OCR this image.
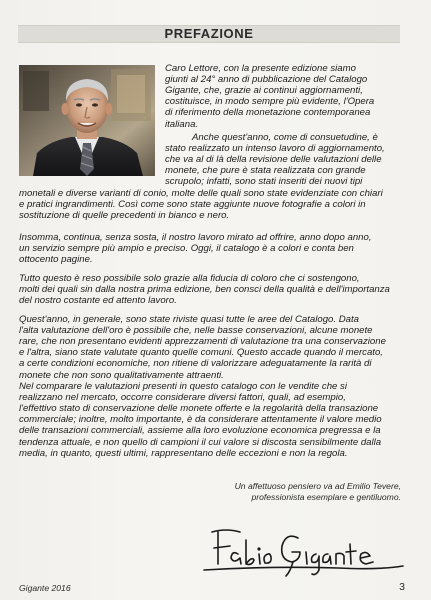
PREFAZIONE
Caro Lettore, con la presente edizione siamo
giunti al 24° anno di pubblicazione del Catalogo
Gigante, che, grazie ai continui aggiornamenti,
costituisce, in modo sempre più evidente, l'Opera
di riferimento della monetazione contemporanea
italiana.
Anche quest'anno, come di consuetudine, è
stato realizzato un intenso lavoro di aggiornamento,
che va al di là della revisione delle valutazioni delle
monete, che pure è stata realizzata con grande
scrupolo; infatti, sono stati inseriti dei nuovi tipi
monetali e diverse varianti di conio, molte delle quali sono state evidenziate con chiari
e pratici ingrandimenti. Così come sono state aggiunte nuove fotografie a colori in
sostituzione di quelle precedenti in bianco e nero.
Insomma, continua, senza sosta, il nostro lavoro mirato ad offrire, anno dopo anno,
un servizio sempre più ampio e preciso. Oggi, il catalogo è a colori e conta ben
ottocento pagine.
Tutto questo è reso possibile solo grazie alla fiducia di coloro che ci sostengono,
molti dei quali sin dalla nostra prima edizione, ben consci della qualità e dell'importanza
del nostro costante ed attento lavoro.
Quest'anno, in generale, sono state riviste quasi tutte le aree del Catalogo. Data
l'alta valutazione dell'oro è possibile che, nelle basse conservazioni, alcune monete
rare, che non presentano evidenti apprezzamenti di valutazione tra una conservazione
e l'altra, siano state valutate quanto quelle comuni. Questo accade quando il mercato,
a certe condizioni economiche, non ritiene di valorizzare adeguatamente la rarità di
monete che non sono qualitativamente attraenti.
Nel comparare le valutazioni presenti in questo catalogo con le vendite che si
realizzano nel mercato, occorre considerare diversi fattori, quali, ad esempio,
l'effettivo stato di conservazione delle monete offerte e la regolarità della transazione
commerciale; inoltre, molto importante, è da considerare attentamente il valore medio
delle transazioni commerciali, assieme alla loro evoluzione economica pregressa e la
tendenza attuale, e non quello di campioni il cui valore si discosta sensibilmente dalla
media, in quanto, questi ultimi, rappresentano delle eccezioni e non la regola.
Un affettuoso pensiero va ad Emilio Tevere,
professionista esemplare e gentiluomo.
Gigante 2016	3
